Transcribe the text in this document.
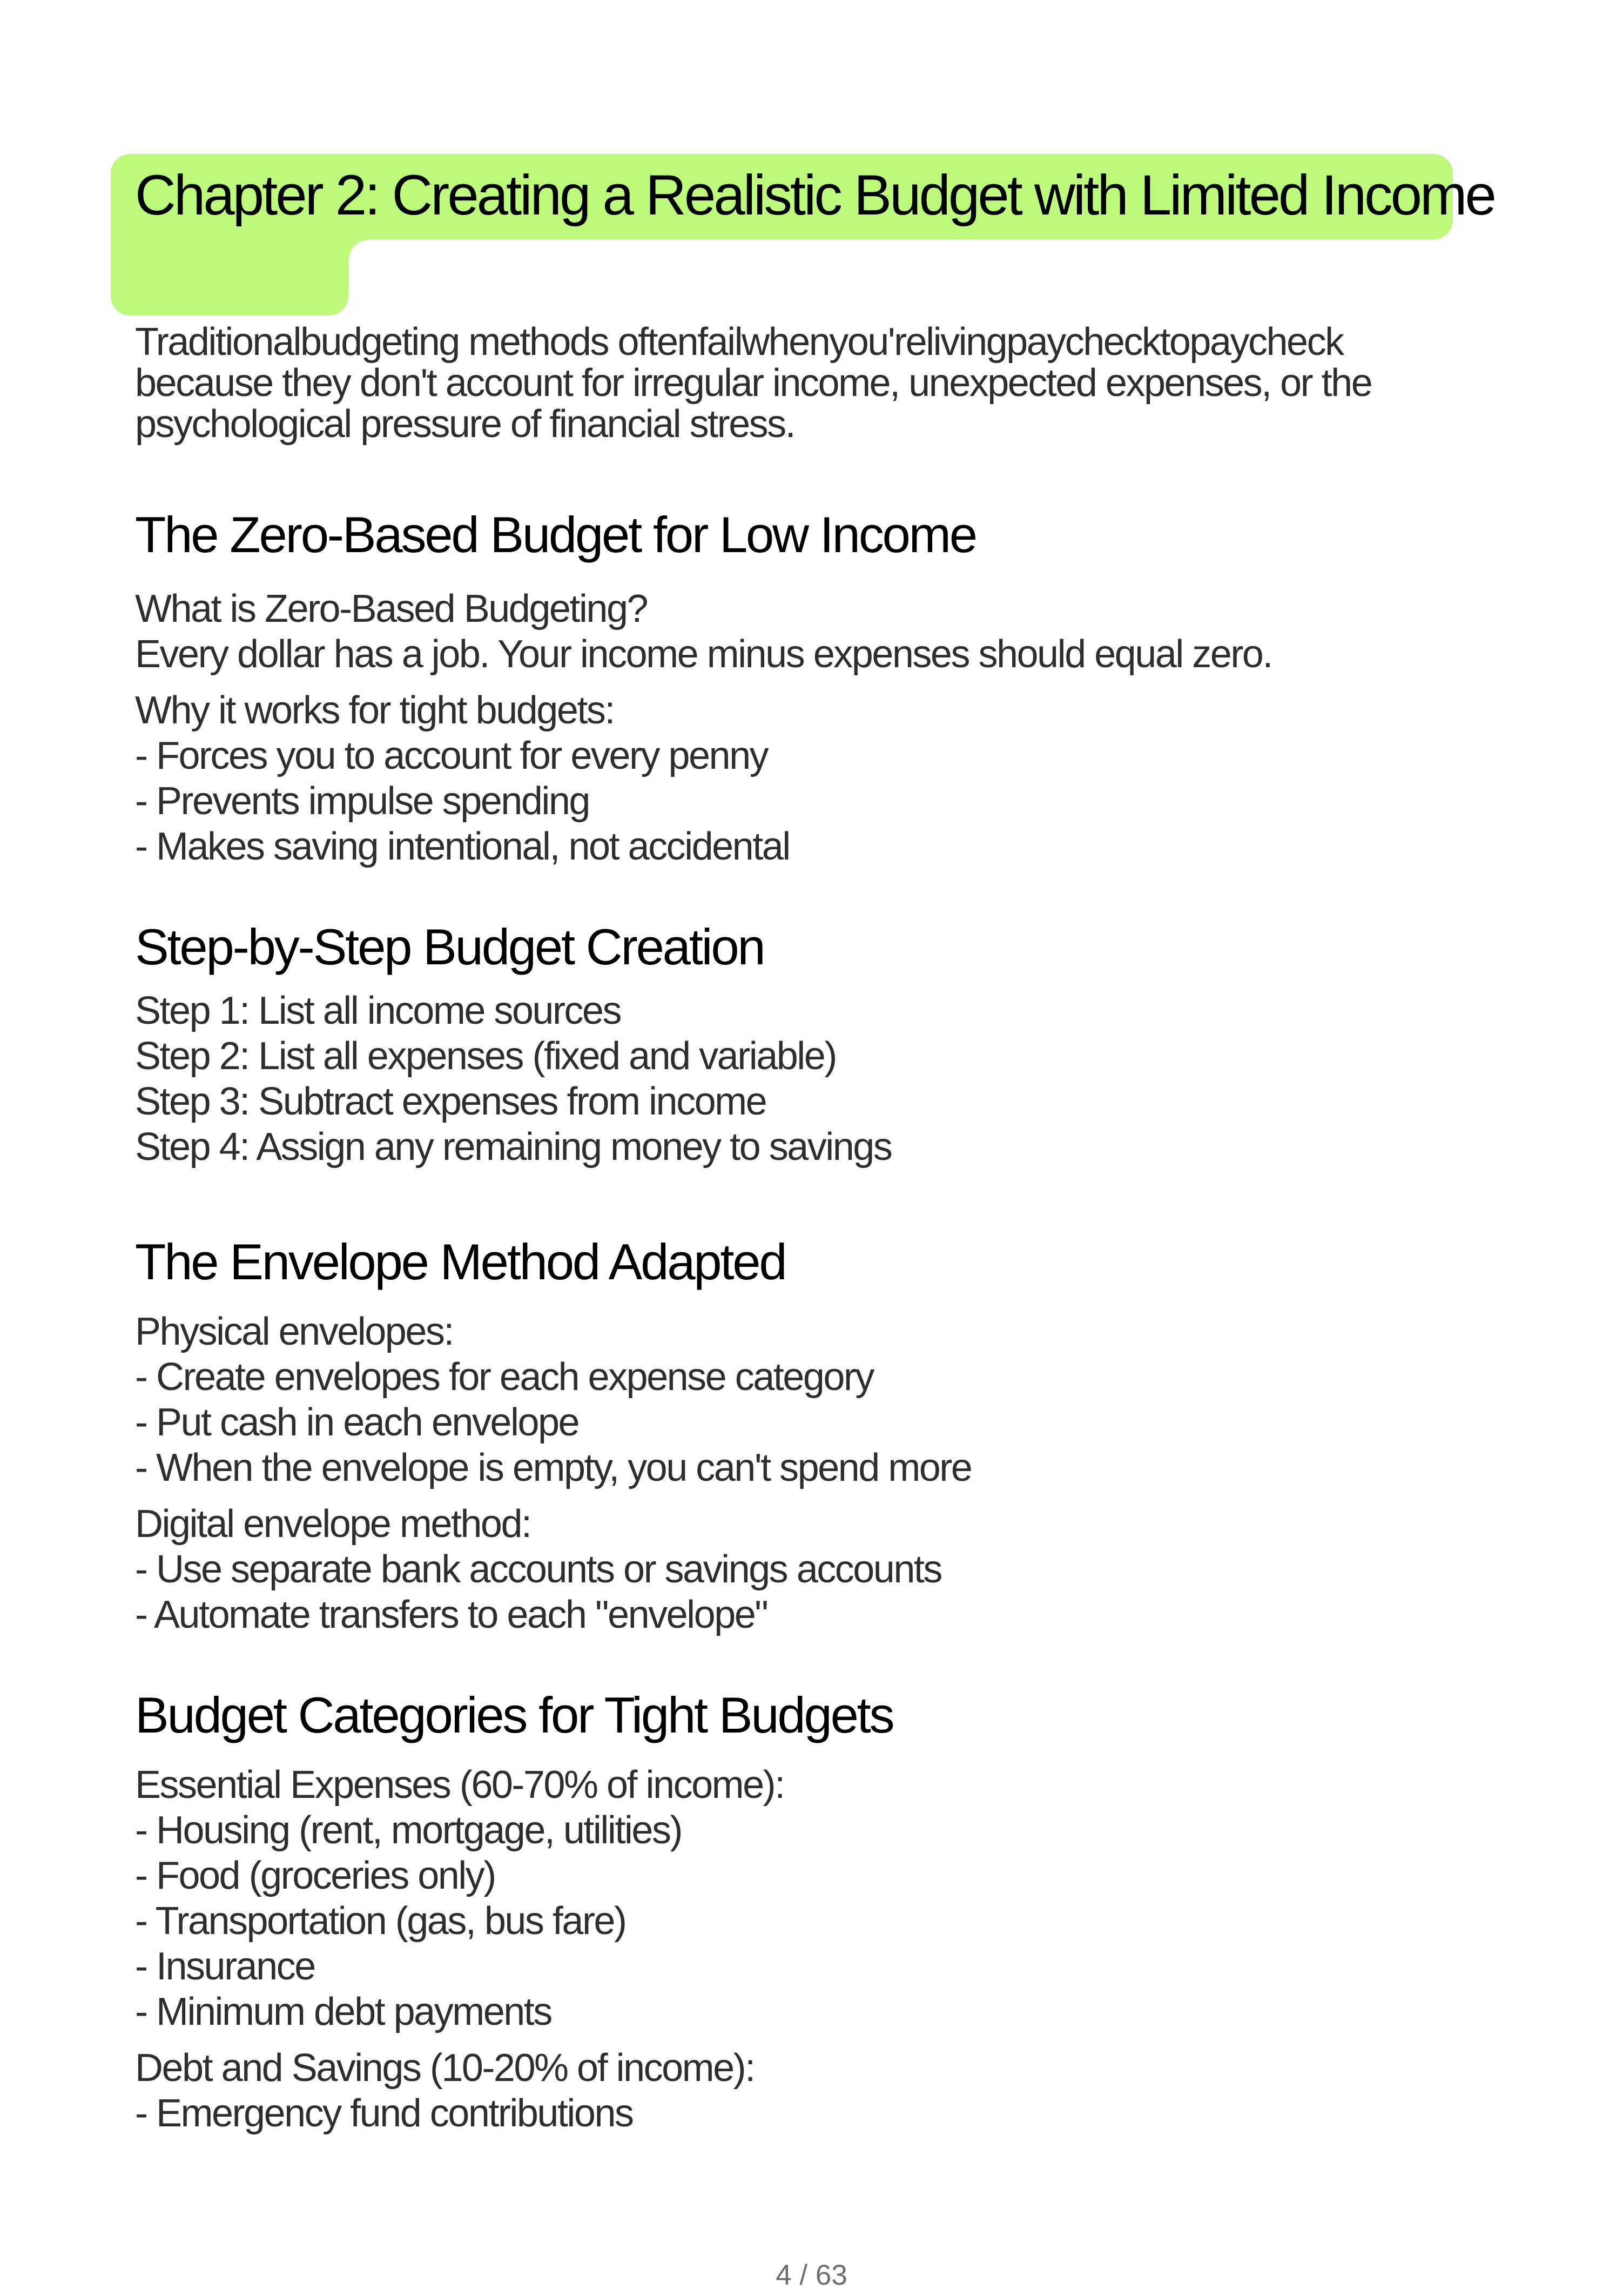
Chapter 2: Creating a Realistic Budget with Limited Income

Traditionalbudgeting methods oftenfailwhenyou'relivingpaychecktopaycheck
because they don't account for irregular income, unexpected expenses, or the
psychological pressure of financial stress.

The Zero-Based Budget for Low Income
What is Zero-Based Budgeting?
Every dollar has a job. Your income minus expenses should equal zero.
Why it works for tight budgets:
- Forces you to account for every penny
- Prevents impulse spending
- Makes saving intentional, not accidental
Step-by-Step Budget Creation
Step 1: List all income sources
Step 2: List all expenses (fixed and variable)
Step 3: Subtract expenses from income
Step 4: Assign any remaining money to savings
The Envelope Method Adapted
Physical envelopes:
- Create envelopes for each expense category
- Put cash in each envelope
- When the envelope is empty, you can't spend more
Digital envelope method:
- Use separate bank accounts or savings accounts
- Automate transfers to each "envelope"
Budget Categories for Tight Budgets
Essential Expenses (60-70% of income):
- Housing (rent, mortgage, utilities)
- Food (groceries only)
- Transportation (gas, bus fare)
- Insurance
- Minimum debt payments
Debt and Savings (10-20% of income):
- Emergency fund contributions
4 / 63
